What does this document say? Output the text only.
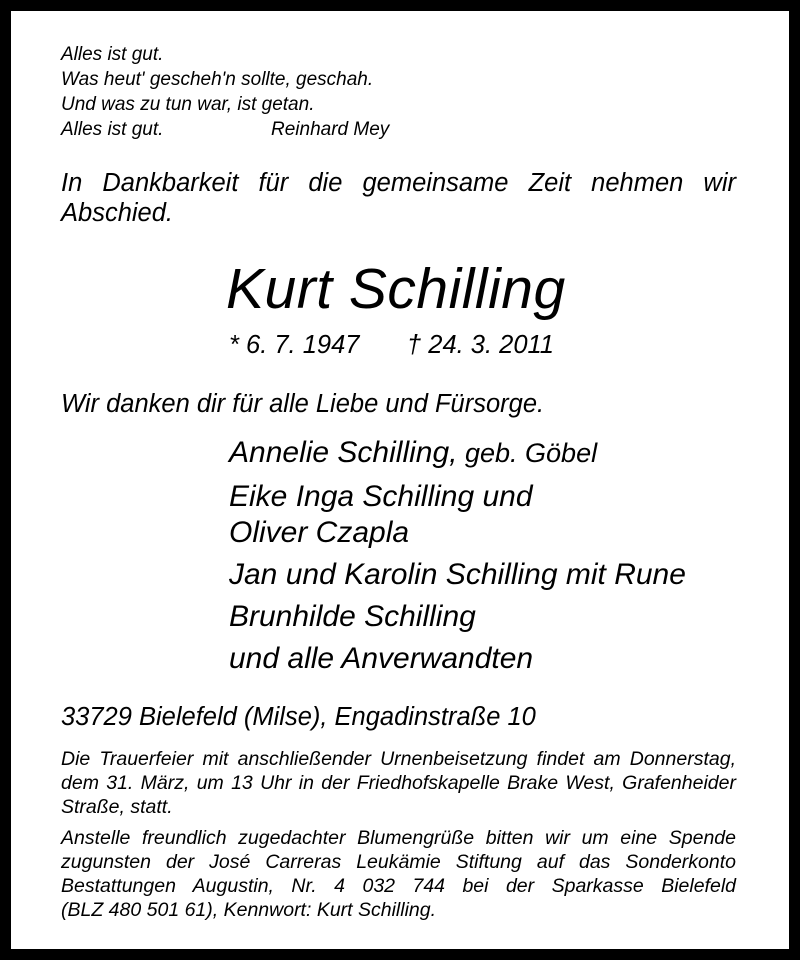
Alles ist gut.
Was heut' gescheh'n sollte, geschah.
Und was zu tun war, ist getan.
Alles ist gut.	Reinhard Mey
In Dankbarkeit für die gemeinsame Zeit nehmen wir
Abschied.
Kurt Schilling
* 6. 7. 1947 † 24. 3. 2011
Wir danken dir für alle Liebe und Fürsorge.
Annelie Schilling, geb. Göbel
Eike Inga Schilling und
Oliver Czapla
Jan und Karolin Schilling mit Rune
Brunhilde Schilling
und alle Anverwandten
33729 Bielefeld (Milse), Engadinstraße 10
Die Trauerfeier mit anschließender Urnenbeisetzung findet am Donnerstag,
dem 31. März, um 13 Uhr in der Friedhofskapelle Brake West, Grafenheider
Straße, statt.
Anstelle freundlich zugedachter Blumengrüße bitten wir um eine Spende
zugunsten der José Carreras Leukämie Stiftung auf das Sonderkonto
Bestattungen Augustin, Nr. 4 032 744 bei der Sparkasse Bielefeld
(BLZ 480 501 61), Kennwort: Kurt Schilling.
